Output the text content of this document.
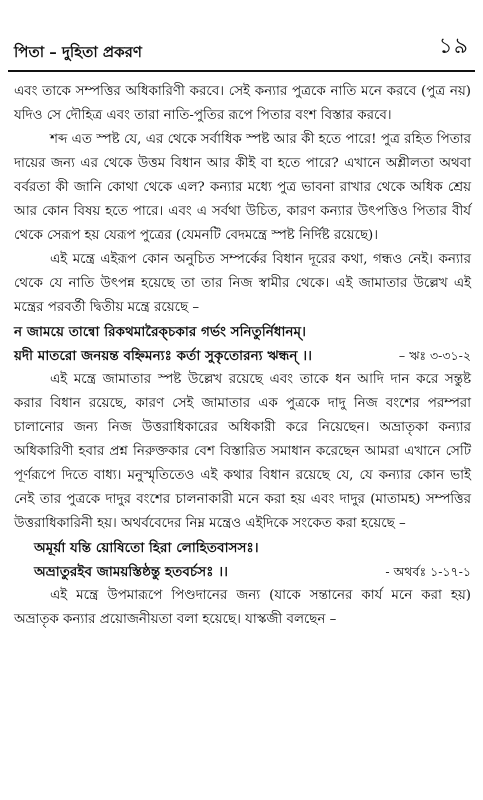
পিতা – দুহিতা প্রকরণ	১৯

এবং তাকে সম্পত্তির অধিকারিণী করবে। সেই কন্যার পুত্রকে নাতি মনে করবে (পুত্র নয়) যদিও সে দৌহিত্র এবং তারা নাতি-পুতির রূপে পিতার বংশ বিস্তার করবে।

শব্দ এত স্পষ্ট যে, এর থেকে সর্বাধিক স্পষ্ট আর কী হতে পারে! পুত্র রহিত পিতার দায়ের জন্য এর থেকে উত্তম বিধান আর কীই বা হতে পারে? এখানে অশ্লীলতা অথবা বর্বরতা কী জানি কোথা থেকে এল? কন্যার মধ্যে পুত্র ভাবনা রাখার থেকে অধিক শ্রেয় আর কোন বিষয় হতে পারে। এবং এ সর্বথা উচিত, কারণ কন্যার উৎপত্তিও পিতার বীর্য থেকে সেরূপ হয় যেরূপ পুত্রের (যেমনটি বেদমন্ত্রে স্পষ্ট নির্দিষ্ট রয়েছে)।

এই মন্ত্রে এইরূপ কোন অনুচিত সম্পর্কের বিধান দূরের কথা, গন্ধও নেই। কন্যার থেকে যে নাতি উৎপন্ন হয়েছে তা তার নিজ স্বামীর থেকে। এই জামাতার উল্লেখ এই মন্ত্রের পরবর্তী দ্বিতীয় মন্ত্রে রয়েছে –

ন জাময়ে তান্বো রিকথমারৈক্চকার গর্ভং সনিতুর্নিধানম্।
য়দী মাতরো জনয়ন্ত বহ্নিমন্যঃ কর্তা সুকৃতোরন্য ঋন্ধন্ ।।	– ঋঃ ৩-৩১-২

এই মন্ত্রে জামাতার স্পষ্ট উল্লেখ রয়েছে এবং তাকে ধন আদি দান করে সন্তুষ্ট করার বিধান রয়েছে, কারণ সেই জামাতার এক পুত্রকে দাদু নিজ বংশের পরম্পরা চালানোর জন্য নিজ উত্তরাধিকারের অধিকারী করে নিয়েছেন। অভ্রাতৃকা কন্যার অধিকারিণী হবার প্রশ্ন নিরুক্তকার বেশ বিস্তারিত সমাধান করেছেন আমরা এখানে সেটি পূর্ণরূপে দিতে বাধ্য। মনুস্মৃতিতেও এই কথার বিধান রয়েছে যে, যে কন্যার কোন ভাই নেই তার পুত্রকে দাদুর বংশের চালনাকারী মনে করা হয় এবং দাদুর (মাতামহ) সম্পত্তির উত্তরাধিকারিনী হয়। অথর্ববেদের নিম্ন মন্ত্রেও এইদিকে সংকেত করা হয়েছে –

অমূর্য়া যন্তি য়োষিতো হিরা লোহিতবাসসঃ।
অভ্রাতুরইব জাময়স্তিষ্ঠন্তু হতবর্চসঃ ।।	- অথর্বঃ ১-১৭-১

এই মন্ত্রে উপমারূপে পিণ্ডদানের জন্য (যাকে সন্তানের কার্য মনে করা হয়) অভ্রাতৃক কন্যার প্রয়োজনীয়তা বলা হয়েছে। যাস্কজী বলছেন –
